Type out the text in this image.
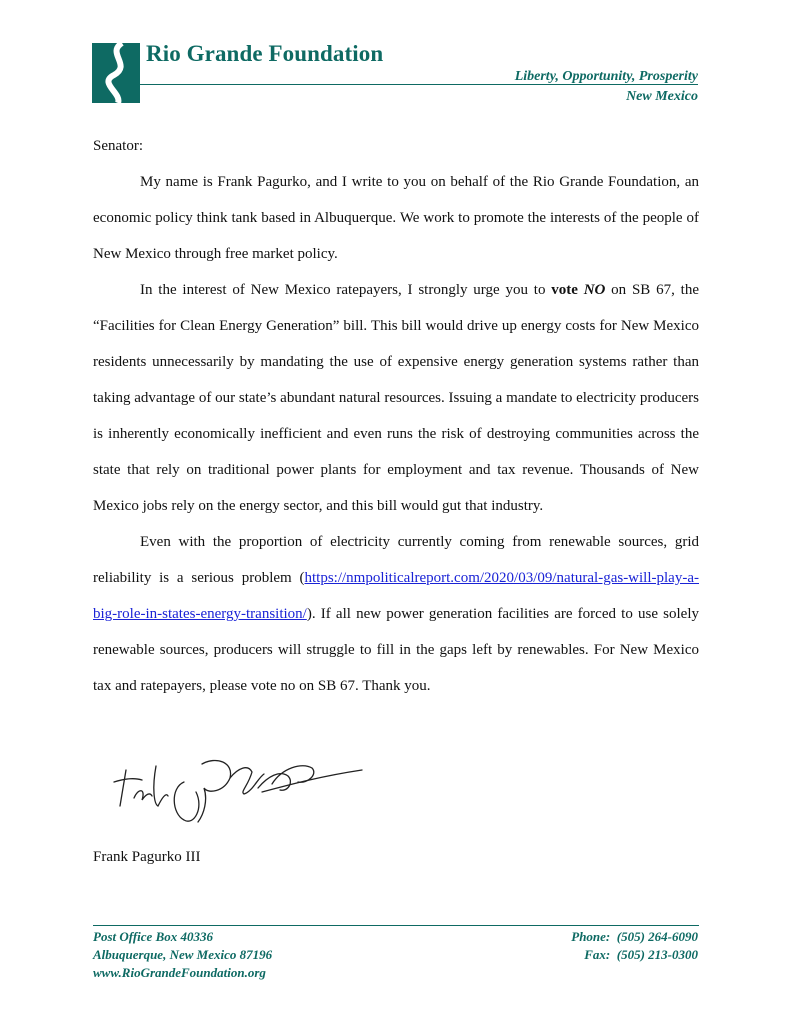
Rio Grande Foundation
Liberty, Opportunity, Prosperity
New Mexico

Senator:

My name is Frank Pagurko, and I write to you on behalf of the Rio Grande Foundation, an economic policy think tank based in Albuquerque. We work to promote the interests of the people of New Mexico through free market policy.

In the interest of New Mexico ratepayers, I strongly urge you to vote NO on SB 67, the “Facilities for Clean Energy Generation” bill. This bill would drive up energy costs for New Mexico residents unnecessarily by mandating the use of expensive energy generation systems rather than taking advantage of our state’s abundant natural resources. Issuing a mandate to electricity producers is inherently economically inefficient and even runs the risk of destroying communities across the state that rely on traditional power plants for employment and tax revenue. Thousands of New Mexico jobs rely on the energy sector, and this bill would gut that industry.

Even with the proportion of electricity currently coming from renewable sources, grid reliability is a serious problem (https://nmpoliticalreport.com/2020/03/09/natural-gas-will-play-a-big-role-in-states-energy-transition/). If all new power generation facilities are forced to use solely renewable sources, producers will struggle to fill in the gaps left by renewables. For New Mexico tax and ratepayers, please vote no on SB 67. Thank you.

Frank Pagurko III
Post Office Box 40336
Albuquerque, New Mexico 87196
www.RioGrandeFoundation.org
Phone:  (505) 264-6090
Fax:  (505) 213-0300
